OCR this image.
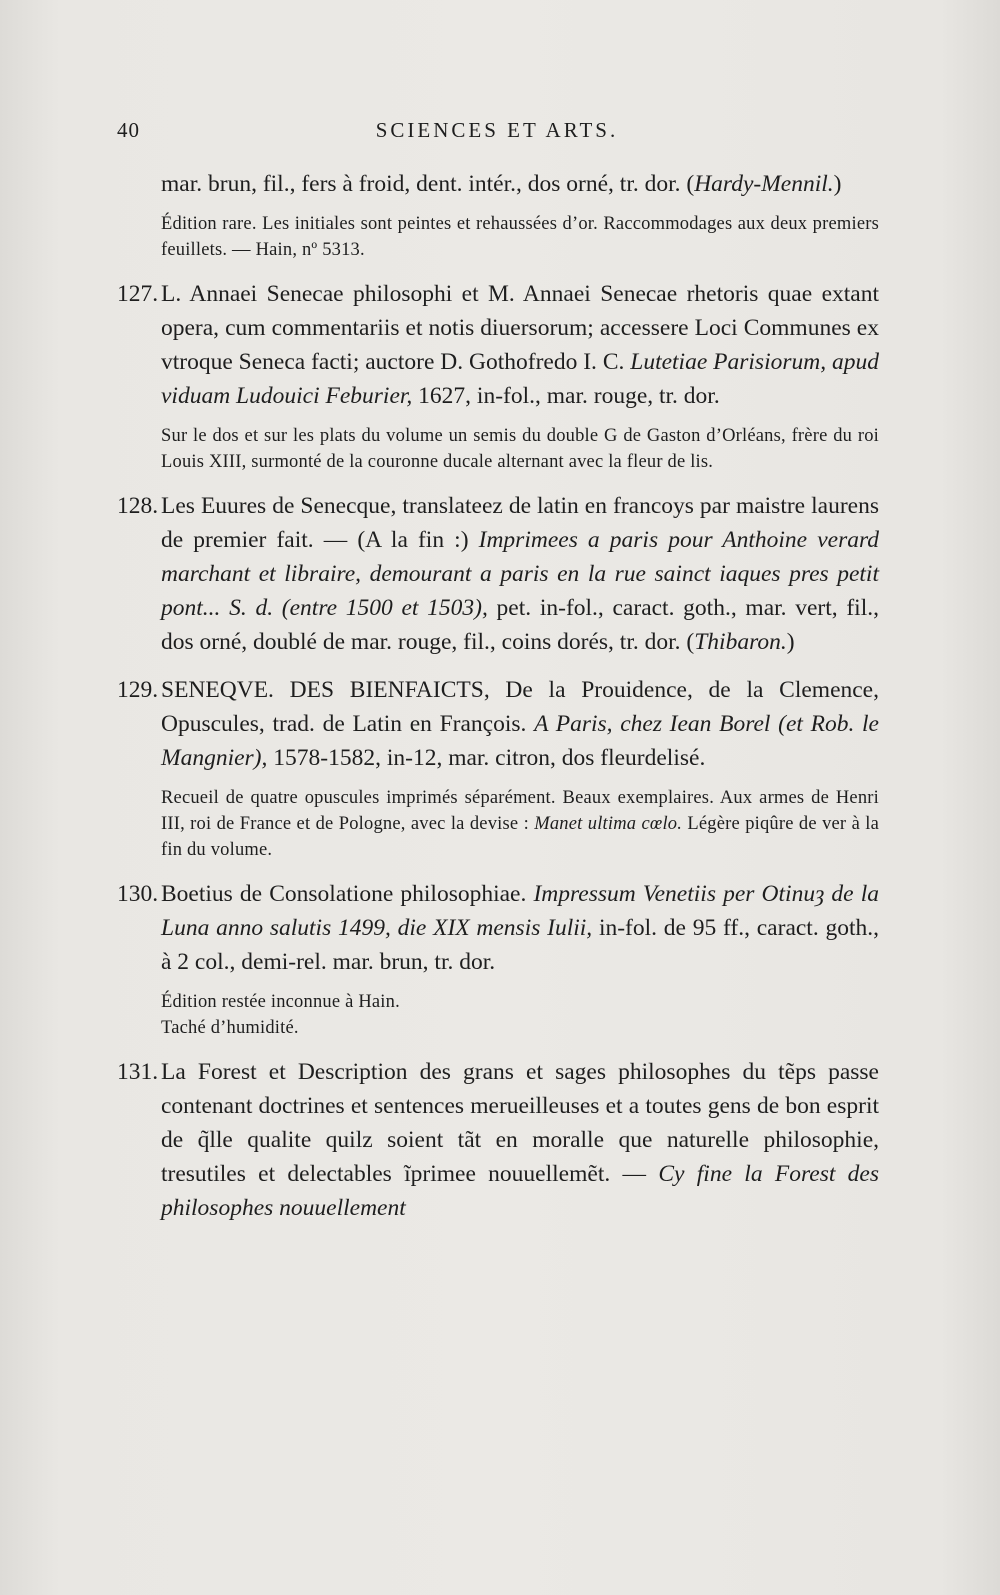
40	SCIENCES ET ARTS.

mar. brun, fil., fers à froid, dent. intér., dos orné, tr. dor. (Hardy-Mennil.)

Édition rare. Les initiales sont peintes et rehaussées d’or. Raccommodages aux deux premiers feuillets. — Hain, nº 5313.

127. L. Annaei Senecae philosophi et M. Annaei Senecae rhetoris quae extant opera, cum commentariis et notis diuersorum; accessere Loci Communes ex vtroque Seneca facti; auctore D. Gothofredo I. C. Lutetiae Parisiorum, apud viduam Ludouici Feburier, 1627, in-fol., mar. rouge, tr. dor.

Sur le dos et sur les plats du volume un semis du double G de Gaston d’Orléans, frère du roi Louis XIII, surmonté de la couronne ducale alternant avec la fleur de lis.

128. Les Euures de Senecque, translateez de latin en francoys par maistre laurens de premier fait. — (A la fin :) Imprimees a paris pour Anthoine verard marchant et libraire, demourant a paris en la rue sainct iaques pres petit pont... S. d. (entre 1500 et 1503), pet. in-fol., caract. goth., mar. vert, fil., dos orné, doublé de mar. rouge, fil., coins dorés, tr. dor. (Thibaron.)

129. SENEQVE. DES BIENFAICTS, De la Prouidence, de la Clemence, Opuscules, trad. de Latin en François. A Paris, chez Iean Borel (et Rob. le Mangnier), 1578-1582, in-12, mar. citron, dos fleurdelisé.

Recueil de quatre opuscules imprimés séparément. Beaux exemplaires. Aux armes de Henri III, roi de France et de Pologne, avec la devise : Manet ultima cœlo. Légère piqûre de ver à la fin du volume.

130. Boetius de Consolatione philosophiae. Impressum Venetiis per Otinuȝ de la Luna anno salutis 1499, die XIX mensis Iulii, in-fol. de 95 ff., caract. goth., à 2 col., demi-rel. mar. brun, tr. dor.

Édition restée inconnue à Hain.
Taché d’humidité.

131. La Forest et Description des grans et sages philosophes du tẽps passe contenant doctrines et sentences merueilleuses et a toutes gens de bon esprit de q̃lle qualite quilz soient tãt en moralle que naturelle philosophie, tresutiles et delectables ĩprimee nouuellemẽt. — Cy fine la Forest des philosophes nouuellement
